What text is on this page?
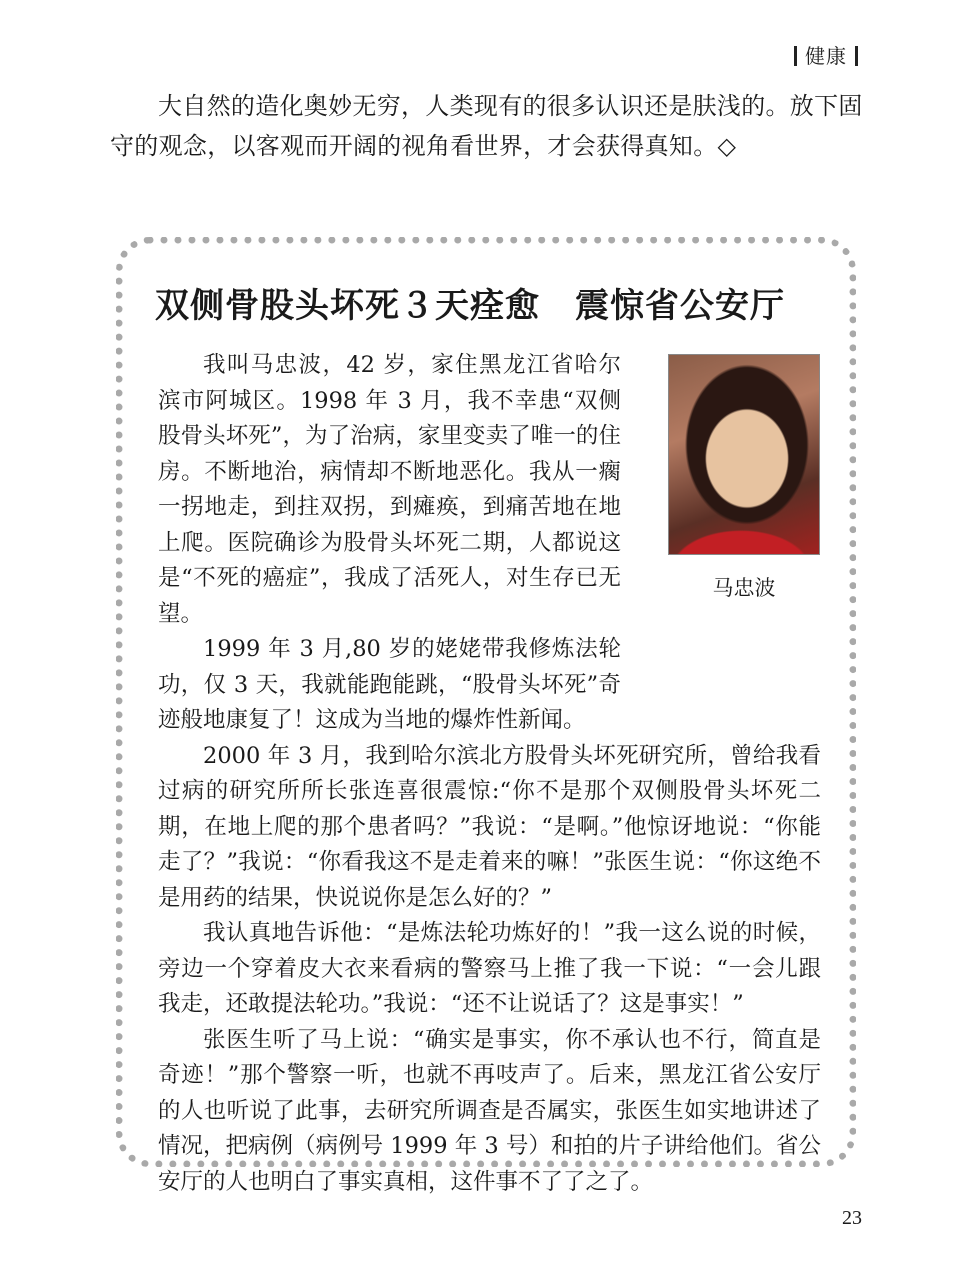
健康

大自然的造化奥妙无穷，人类现有的很多认识还是肤浅的。放下固守的观念，以客观而开阔的视角看世界，才会获得真知。◇

双侧骨股头坏死３天痊愈　震惊省公安厅
马忠波

我叫马忠波，42 岁，家住黑龙江省哈尔滨市阿城区。1998 年 3 月，我不幸患“双侧股骨头坏死”，为了治病，家里变卖了唯一的住房。不断地治，病情却不断地恶化。我从一瘸一拐地走，到拄双拐，到瘫痪，到痛苦地在地上爬。医院确诊为股骨头坏死二期，人都说这是“不死的癌症”，我成了活死人，对生存已无望。

1999 年 3 月,80 岁的姥姥带我修炼法轮功，仅 3 天，我就能跑能跳，“股骨头坏死”奇迹般地康复了！这成为当地的爆炸性新闻。

2000 年 3 月，我到哈尔滨北方股骨头坏死研究所，曾给我看过病的研究所所长张连喜很震惊:“你不是那个双侧股骨头坏死二期，在地上爬的那个患者吗？”我说：“是啊。”他惊讶地说：“你能走了？”我说：“你看我这不是走着来的嘛！”张医生说：“你这绝不是用药的结果，快说说你是怎么好的？”

我认真地告诉他：“是炼法轮功炼好的！”我一这么说的时候，旁边一个穿着皮大衣来看病的警察马上推了我一下说：“一会儿跟我走，还敢提法轮功。”我说：“还不让说话了？这是事实！”

张医生听了马上说：“确实是事实，你不承认也不行，简直是奇迹！”那个警察一听，也就不再吱声了。后来，黑龙江省公安厅的人也听说了此事，去研究所调查是否属实，张医生如实地讲述了情况，把病例（病例号 1999 年 3 号）和拍的片子讲给他们。省公安厅的人也明白了事实真相，这件事不了了之了。

23
